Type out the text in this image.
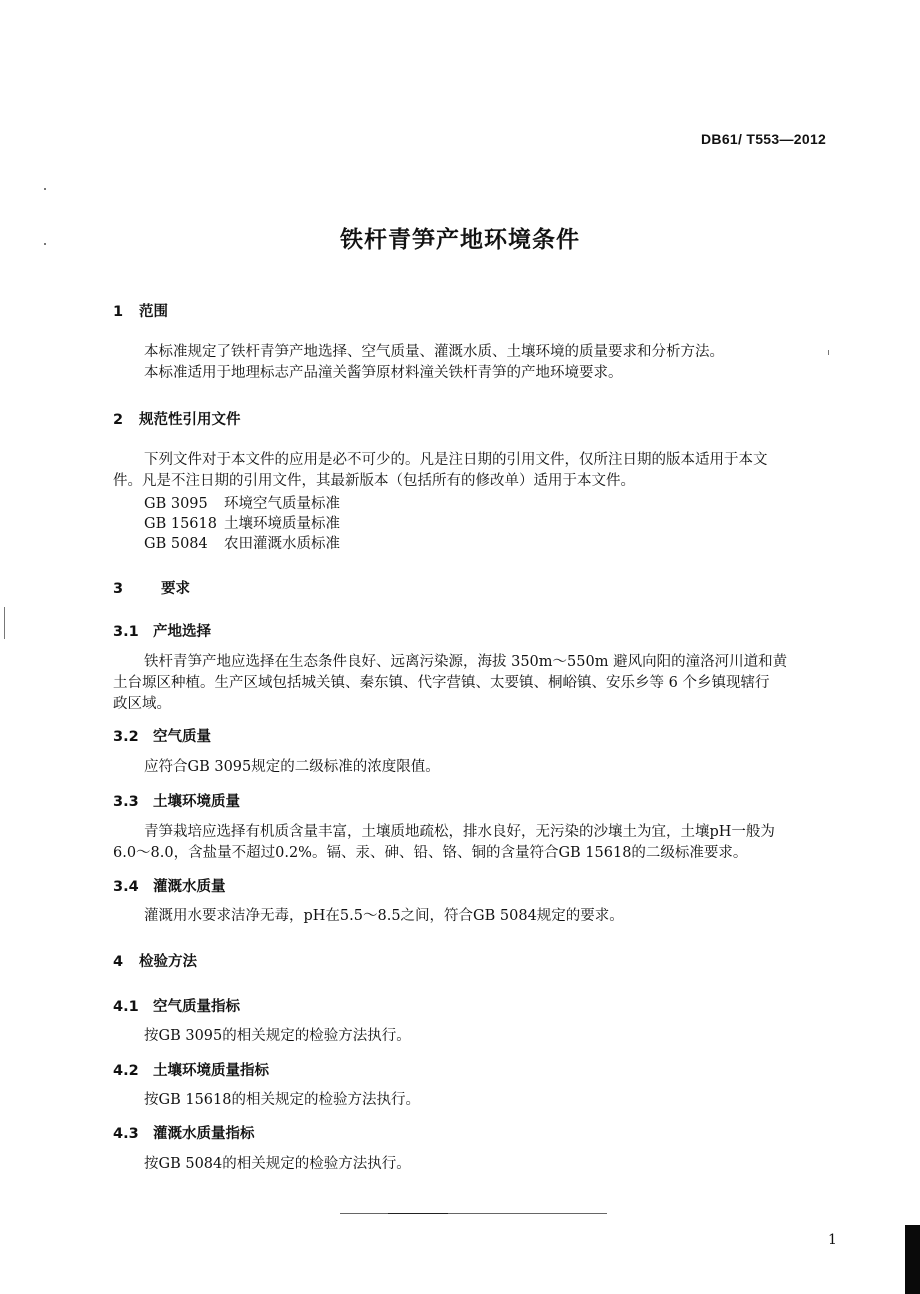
DB61/ T553—2012
铁杆青笋产地环境条件
1 范围
本标准规定了铁杆青笋产地选择、空气质量、灌溉水质、土壤环境的质量要求和分析方法。
本标准适用于地理标志产品潼关酱笋原材料潼关铁杆青笋的产地环境要求。
2 规范性引用文件
下列文件对于本文件的应用是必不可少的。凡是注日期的引用文件，仅所注日期的版本适用于本文
件。凡是不注日期的引用文件，其最新版本（包括所有的修改单）适用于本文件。
GB 3095 环境空气质量标准
GB 15618 土壤环境质量标准
GB 5084 农田灌溉水质标准
3	要求
3.1 产地选择
铁杆青笋产地应选择在生态条件良好、远离污染源，海拔 350m～550m 避风向阳的潼洛河川道和黄
土台塬区种植。生产区域包括城关镇、秦东镇、代字营镇、太要镇、桐峪镇、安乐乡等 6 个乡镇现辖行
政区域。
3.2 空气质量
应符合GB 3095规定的二级标准的浓度限值。
3.3 土壤环境质量
青笋栽培应选择有机质含量丰富，土壤质地疏松，排水良好，无污染的沙壤土为宜，土壤pH一般为
6.0～8.0，含盐量不超过0.2%。镉、汞、砷、铅、铬、铜的含量符合GB 15618的二级标准要求。
3.4 灌溉水质量
灌溉用水要求洁净无毒，pH在5.5～8.5之间，符合GB 5084规定的要求。
4 检验方法
4.1 空气质量指标
按GB 3095的相关规定的检验方法执行。
4.2 土壤环境质量指标
按GB 15618的相关规定的检验方法执行。
4.3 灌溉水质量指标
按GB 5084的相关规定的检验方法执行。
1
